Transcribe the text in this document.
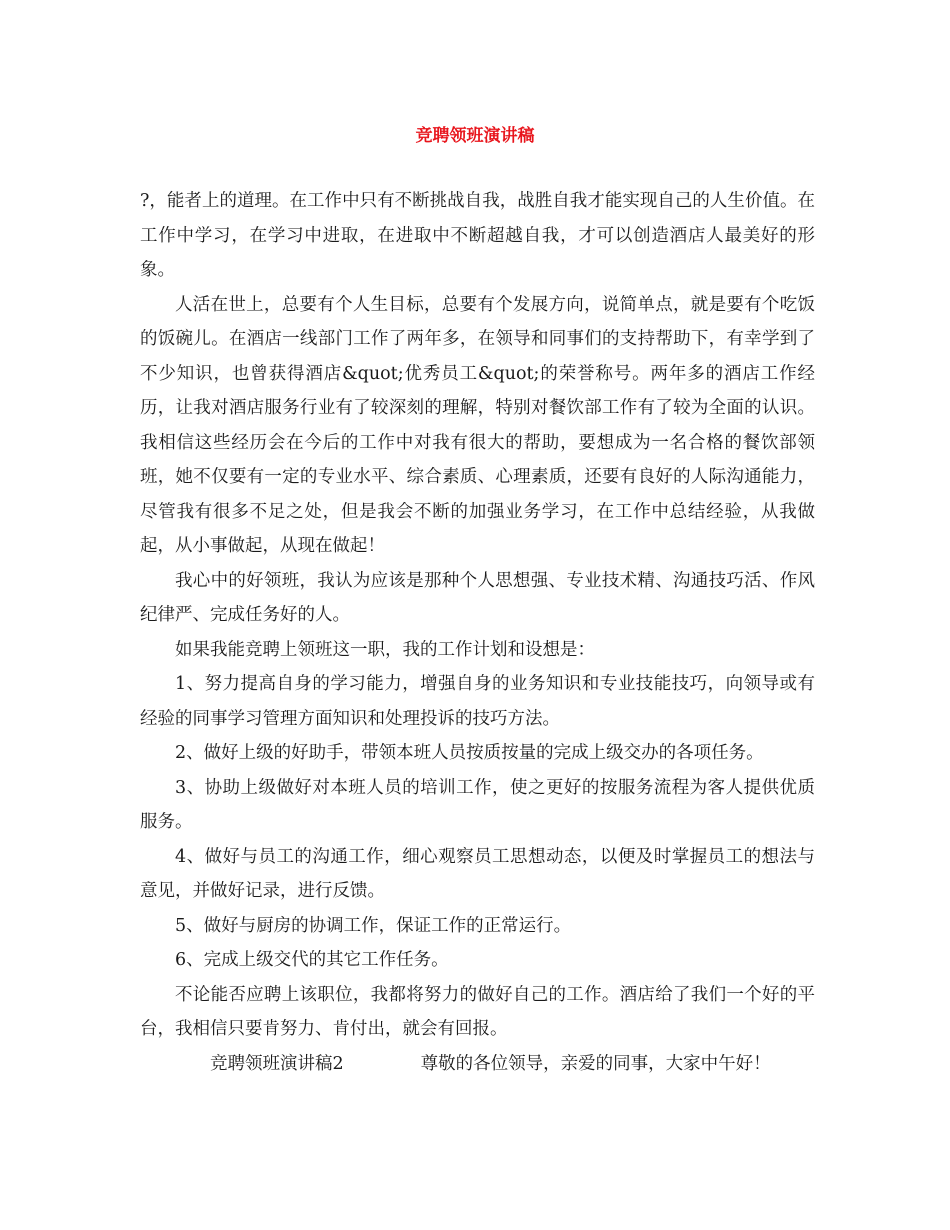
竞聘领班演讲稿

?，能者上的道理。在工作中只有不断挑战自我，战胜自我才能实现自己的人生价值。在工作中学习，在学习中进取，在进取中不断超越自我，才可以创造酒店人最美好的形象。

人活在世上，总要有个人生目标，总要有个发展方向，说简单点，就是要有个吃饭的饭碗儿。在酒店一线部门工作了两年多，在领导和同事们的支持帮助下，有幸学到了不少知识，也曾获得酒店&quot;优秀员工&quot;的荣誉称号。两年多的酒店工作经历，让我对酒店服务行业有了较深刻的理解，特别对餐饮部工作有了较为全面的认识。我相信这些经历会在今后的工作中对我有很大的帮助，要想成为一名合格的餐饮部领班，她不仅要有一定的专业水平、综合素质、心理素质，还要有良好的人际沟通能力，尽管我有很多不足之处，但是我会不断的加强业务学习，在工作中总结经验，从我做起，从小事做起，从现在做起！

我心中的好领班，我认为应该是那种个人思想强、专业技术精、沟通技巧活、作风纪律严、完成任务好的人。

如果我能竞聘上领班这一职，我的工作计划和设想是：

1、努力提高自身的学习能力，增强自身的业务知识和专业技能技巧，向领导或有经验的同事学习管理方面知识和处理投诉的技巧方法。

2、做好上级的好助手，带领本班人员按质按量的完成上级交办的各项任务。

3、协助上级做好对本班人员的培训工作，使之更好的按服务流程为客人提供优质服务。

4、做好与员工的沟通工作，细心观察员工思想动态，以便及时掌握员工的想法与意见，并做好记录，进行反馈。

5、做好与厨房的协调工作，保证工作的正常运行。

6、完成上级交代的其它工作任务。

不论能否应聘上该职位，我都将努力的做好自己的工作。酒店给了我们一个好的平台，我相信只要肯努力、肯付出，就会有回报。

竞聘领班演讲稿2	尊敬的各位领导，亲爱的同事，大家中午好！
